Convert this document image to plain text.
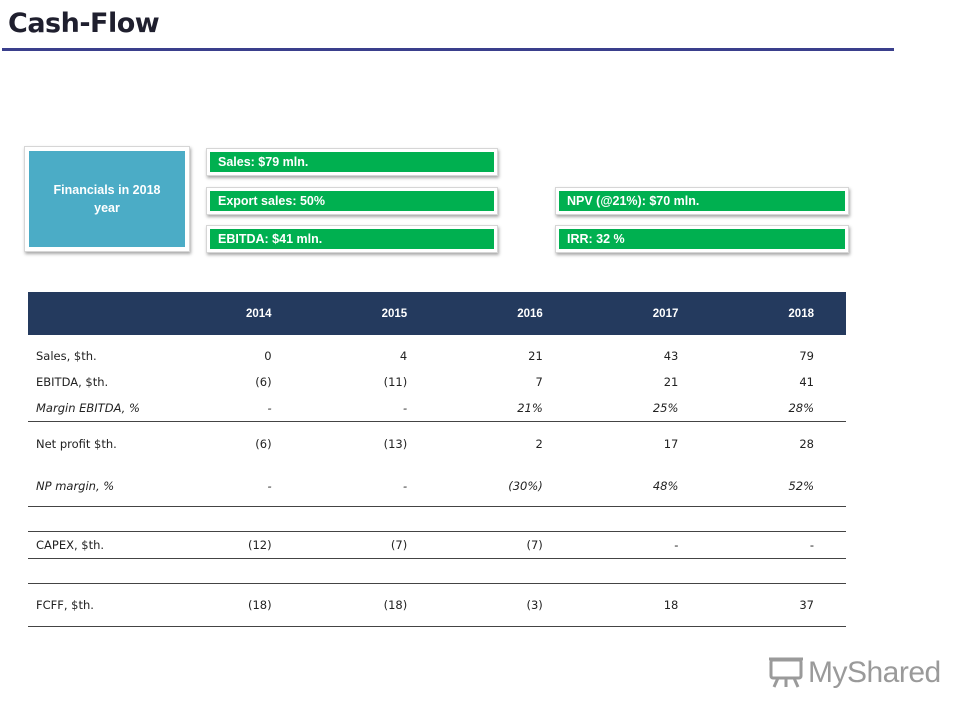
Cash-Flow
Financials in 2018 year
Sales: $79 mln.
Export sales: 50%
EBITDA: $41 mln.
NPV (@21%): $70 mln.
IRR: 32 %
	2014	2015	2016	2017	2018

Sales, $th.	0	4	21	43	79
EBITDA, $th.	(6)	(11)	7	21	41
Margin EBITDA, %	-	-	21%	25%	28%
Net profit $th.	(6)	(13)	2	17	28
NP margin, %	-	-	(30%)	48%	52%

CAPEX, $th.	(12)	(7)	(7)	-	-

FCFF, $th.	(18)	(18)	(3)	18	37
MyShared
